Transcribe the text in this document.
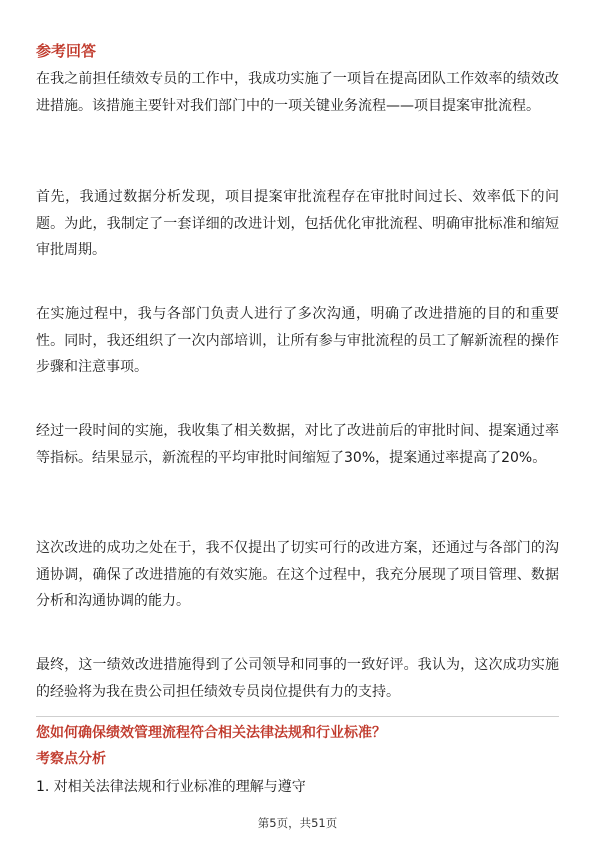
参考回答

在我之前担任绩效专员的工作中，我成功实施了一项旨在提高团队工作效率的绩效改进措施。该措施主要针对我们部门中的一项关键业务流程——项目提案审批流程。

首先，我通过数据分析发现，项目提案审批流程存在审批时间过长、效率低下的问题。为此，我制定了一套详细的改进计划，包括优化审批流程、明确审批标准和缩短审批周期。

在实施过程中，我与各部门负责人进行了多次沟通，明确了改进措施的目的和重要性。同时，我还组织了一次内部培训，让所有参与审批流程的员工了解新流程的操作步骤和注意事项。

经过一段时间的实施，我收集了相关数据，对比了改进前后的审批时间、提案通过率等指标。结果显示，新流程的平均审批时间缩短了30%，提案通过率提高了20%。

这次改进的成功之处在于，我不仅提出了切实可行的改进方案，还通过与各部门的沟通协调，确保了改进措施的有效实施。在这个过程中，我充分展现了项目管理、数据分析和沟通协调的能力。

最终，这一绩效改进措施得到了公司领导和同事的一致好评。我认为，这次成功实施的经验将为我在贵公司担任绩效专员岗位提供有力的支持。

您如何确保绩效管理流程符合相关法律法规和行业标准？
考察点分析
1. 对相关法律法规和行业标准的理解与遵守
第5页，共51页
